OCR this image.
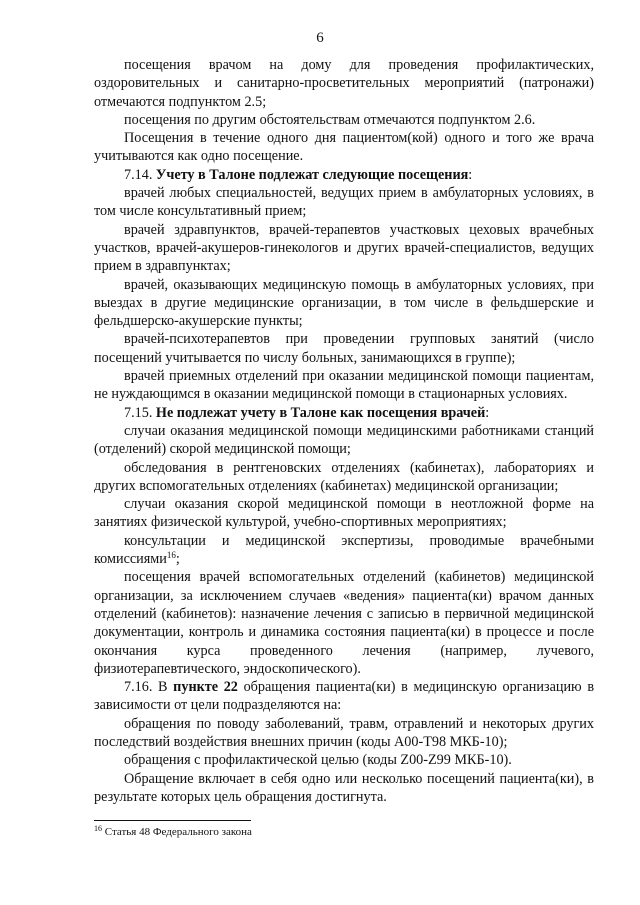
6

посещения врачом на дому для проведения профилактических, оздоровительных и санитарно-просветительных мероприятий (патронажи) отмечаются подпунктом 2.5;

посещения по другим обстоятельствам отмечаются подпунктом 2.6.

Посещения в течение одного дня пациентом(кой) одного и того же врача учитываются как одно посещение.

7.14. Учету в Талоне подлежат следующие посещения:

врачей любых специальностей, ведущих прием в амбулаторных условиях, в том числе консультативный прием;

врачей здравпунктов, врачей-терапевтов участковых цеховых врачебных участков, врачей-акушеров-гинекологов и других врачей-специалистов, ведущих прием в здравпунктах;

врачей, оказывающих медицинскую помощь в амбулаторных условиях, при выездах в другие медицинские организации, в том числе в фельдшерские и фельдшерско-акушерские пункты;

врачей-психотерапевтов при проведении групповых занятий (число посещений учитывается по числу больных, занимающихся в группе);

врачей приемных отделений при оказании медицинской помощи пациентам, не нуждающимся в оказании медицинской помощи в стационарных условиях.

7.15. Не подлежат учету в Талоне как посещения врачей:

случаи оказания медицинской помощи медицинскими работниками станций (отделений) скорой медицинской помощи;

обследования в рентгеновских отделениях (кабинетах), лабораториях и других вспомогательных отделениях (кабинетах) медицинской организации;

случаи оказания скорой медицинской помощи в неотложной форме на занятиях физической культурой, учебно-спортивных мероприятиях;

консультации и медицинской экспертизы, проводимые врачебными комиссиями$^{16}$;

посещения врачей вспомогательных отделений (кабинетов) медицинской организации, за исключением случаев «ведения» пациента(ки) врачом данных отделений (кабинетов): назначение лечения с записью в первичной медицинской документации, контроль и динамика состояния пациента(ки) в процессе и после окончания курса проведенного лечения (например, лучевого, физиотерапевтического, эндоскопического).

7.16. В пункте 22 обращения пациента(ки) в медицинскую организацию в зависимости от цели подразделяются на:

обращения по поводу заболеваний, травм, отравлений и некоторых других последствий воздействия внешних причин (коды A00-T98 МКБ-10);

обращения с профилактической целью (коды Z00-Z99 МКБ-10).

Обращение включает в себя одно или несколько посещений пациента(ки), в результате которых цель обращения достигнута.

$^{16}$ Статья 48 Федерального закона
